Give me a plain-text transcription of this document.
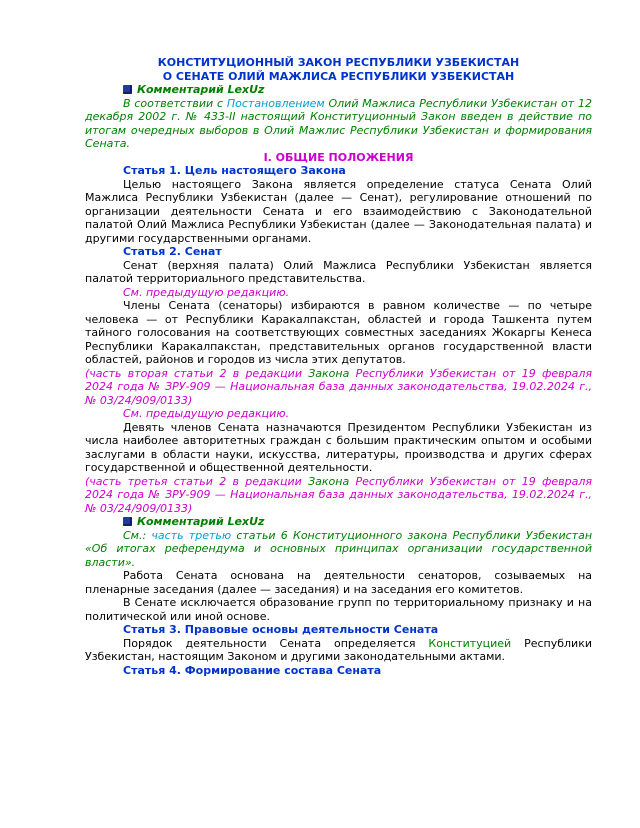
КОНСТИТУЦИОННЫЙ ЗАКОН РЕСПУБЛИКИ УЗБЕКИСТАН

О СЕНАТЕ ОЛИЙ МАЖЛИСА РЕСПУБЛИКИ УЗБЕКИСТАН

Комментарий LexUz

В соответствии с Постановлением Олий Мажлиса Республики Узбекистан от 12 декабря 2002 г. № 433-II настоящий Конституционный Закон введен в действие по итогам очередных выборов в Олий Мажлис Республики Узбекистан и формирования Сената.

I. ОБЩИЕ ПОЛОЖЕНИЯ

Статья 1. Цель настоящего Закона

Целью настоящего Закона является определение статуса Сената Олий Мажлиса Республики Узбекистан (далее — Сенат), регулирование отношений по организации деятельности Сената и его взаимодействию с Законодательной палатой Олий Мажлиса Республики Узбекистан (далее — Законодательная палата) и другими государственными органами.

Статья 2. Сенат

Сенат (верхняя палата) Олий Мажлиса Республики Узбекистан является палатой территориального представительства.

См. предыдущую редакцию.

Члены Сената (сенаторы) избираются в равном количестве — по четыре человека — от Республики Каракалпакстан, областей и города Ташкента путем тайного голосования на соответствующих совместных заседаниях Жокаргы Кенеса Республики Каракалпакстан, представительных органов государственной власти областей, районов и городов из числа этих депутатов.

(часть вторая статьи 2 в редакции Закона Республики Узбекистан от 19 февраля 2024 года № ЗРУ-909 — Национальная база данных законодательства, 19.02.2024 г., № 03/24/909/0133)

См. предыдущую редакцию.

Девять членов Сената назначаются Президентом Республики Узбекистан из числа наиболее авторитетных граждан с большим практическим опытом и особыми заслугами в области науки, искусства, литературы, производства и других сферах государственной и общественной деятельности.

(часть третья статьи 2 в редакции Закона Республики Узбекистан от 19 февраля 2024 года № ЗРУ-909 — Национальная база данных законодательства, 19.02.2024 г., № 03/24/909/0133)

Комментарий LexUz

См.: часть третью статьи 6 Конституционного закона Республики Узбекистан «Об итогах референдума и основных принципах организации государственной власти».

Работа Сената основана на деятельности сенаторов, созываемых на пленарные заседания (далее — заседания) и на заседания его комитетов.

В Сенате исключается образование групп по территориальному признаку и на политической или иной основе.

Статья 3. Правовые основы деятельности Сената

Порядок деятельности Сената определяется Конституцией Республики Узбекистан, настоящим Законом и другими законодательными актами.

Статья 4. Формирование состава Сената
